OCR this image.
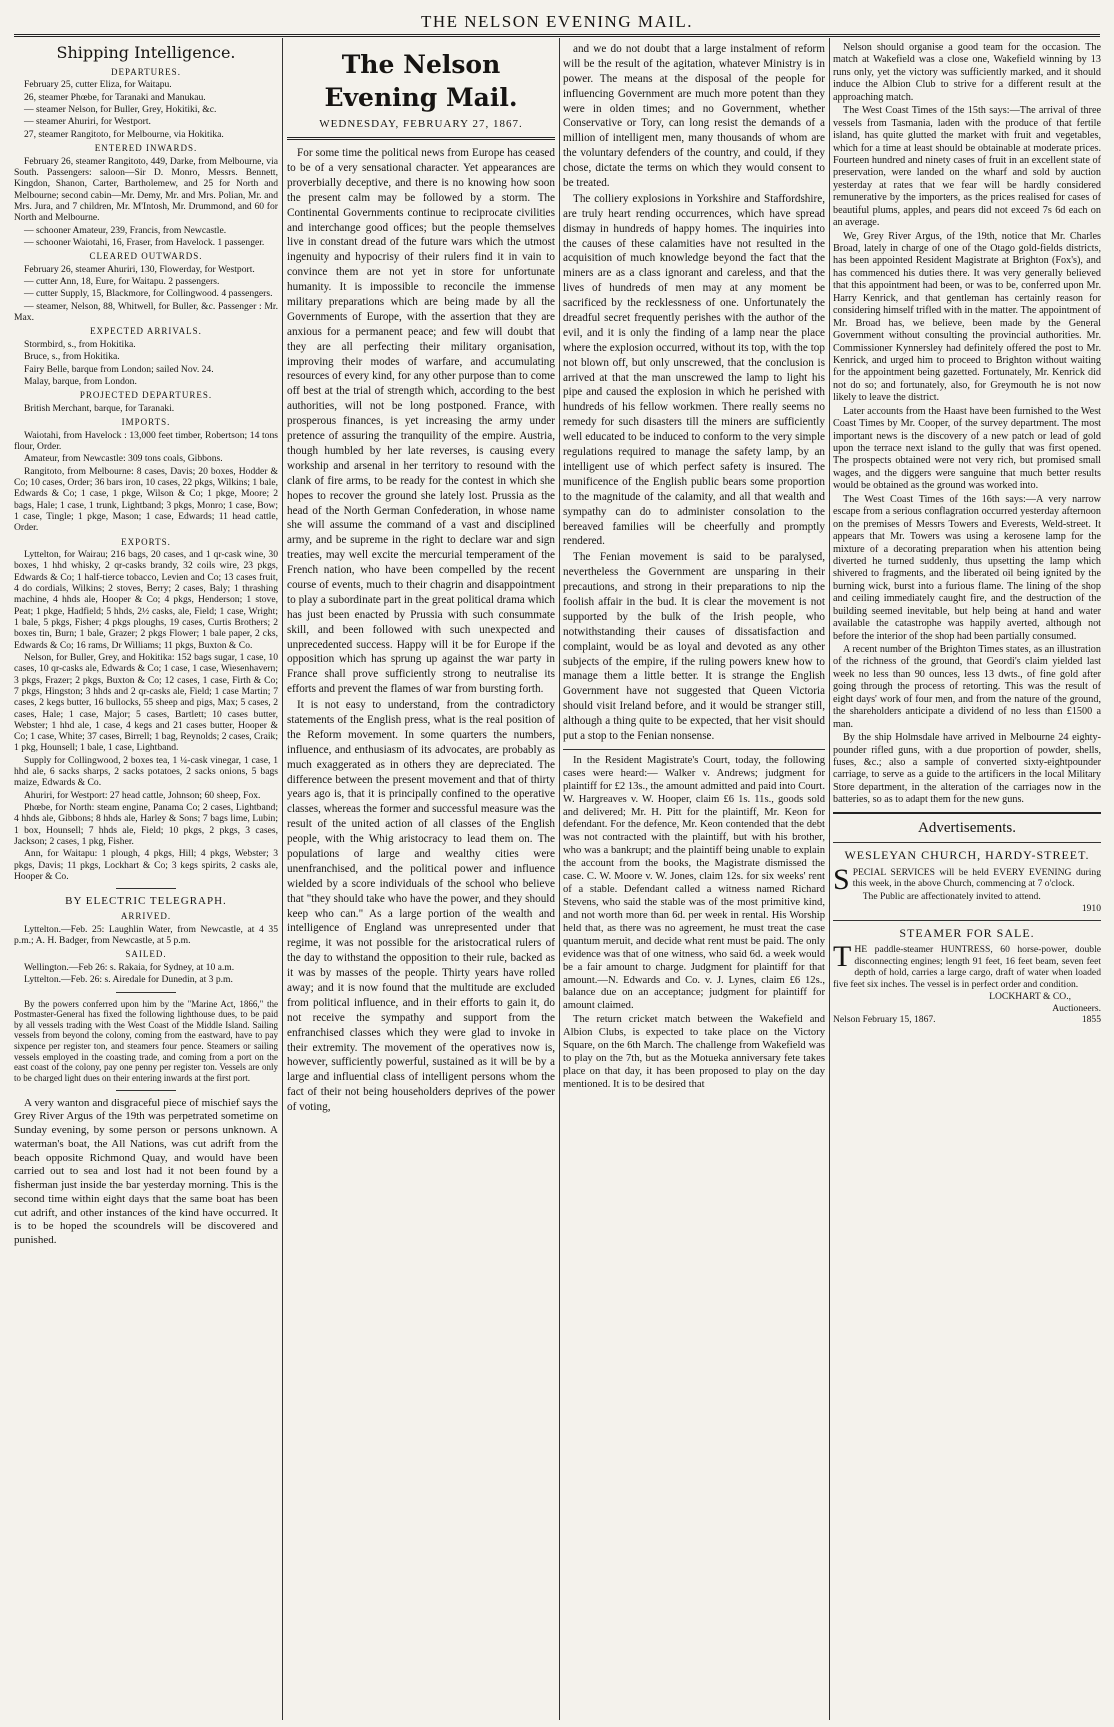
THE NELSON EVENING MAIL.
Shipping Intelligence.
DEPARTURES.

February 25, cutter Eliza, for Waitapu.

26, steamer Phœbe, for Taranaki and Manukau.

— steamer Nelson, for Buller, Grey, Hokitiki, &c.

— steamer Ahuriri, for Westport.

27, steamer Rangitoto, for Melbourne, via Hokitika.

ENTERED INWARDS.

February 26, steamer Rangitoto, 449, Darke, from Melbourne, via South. Passengers: saloon—Sir D. Monro, Messrs. Bennett, Kingdon, Shanon, Carter, Bartholemew, and 25 for North and Melbourne; second cabin—Mr. Demy, Mr. and Mrs. Polian, Mr. and Mrs. Jura, and 7 children, Mr. M'Intosh, Mr. Drummond, and 60 for North and Melbourne.

— schooner Amateur, 239, Francis, from Newcastle.

— schooner Waiotahi, 16, Fraser, from Havelock. 1 passenger.

CLEARED OUTWARDS.

February 26, steamer Ahuriri, 130, Flowerday, for Westport.

— cutter Ann, 18, Eure, for Waitapu. 2 passengers.

— cutter Supply, 15, Blackmore, for Collingwood. 4 passengers.

— steamer, Nelson, 88, Whitwell, for Buller, &c. Passenger : Mr. Max.

EXPECTED ARRIVALS.

Stormbird, s., from Hokitika.

Bruce, s., from Hokitika.

Fairy Belle, barque from London; sailed Nov. 24.

Malay, barque, from London.

PROJECTED DEPARTURES.

British Merchant, barque, for Taranaki.

IMPORTS.

Waiotahi, from Havelock : 13,000 feet timber, Robertson; 14 tons flour, Order.

Amateur, from Newcastle: 309 tons coals, Gibbons.

Rangitoto, from Melbourne: 8 cases, Davis; 20 boxes, Hodder & Co; 10 cases, Order; 36 bars iron, 10 cases, 22 pkgs, Wilkins; 1 bale, Edwards & Co; 1 case, 1 pkge, Wilson & Co; 1 pkge, Moore; 2 bags, Hale; 1 case, 1 trunk, Lightband; 3 pkgs, Monro; 1 case, Bow; 1 case, Tingle; 1 pkge, Mason; 1 case, Edwards; 11 head cattle, Order.

EXPORTS.

Lyttelton, for Wairau; 216 bags, 20 cases, and 1 qr-cask wine, 30 boxes, 1 hhd whisky, 2 qr-casks brandy, 32 coils wire, 23 pkgs, Edwards & Co; 1 half-tierce tobacco, Levien and Co; 13 cases fruit, 4 do cordials, Wilkins; 2 stoves, Berry; 2 cases, Baly; 1 thrashing machine, 4 hhds ale, Hooper & Co; 4 pkgs, Henderson; 1 stove, Peat; 1 pkge, Hadfield; 5 hhds, 2½ casks, ale, Field; 1 case, Wright; 1 bale, 5 pkgs, Fisher; 4 pkgs ploughs, 19 cases, Curtis Brothers; 2 boxes tin, Burn; 1 bale, Grazer; 2 pkgs Flower; 1 bale paper, 2 cks, Edwards & Co; 16 rams, Dr Williams; 11 pkgs, Buxton & Co.

Nelson, for Buller, Grey, and Hokitika: 152 bags sugar, 1 case, 10 cases, 10 qr-casks ale, Edwards & Co; 1 case, 1 case, Wiesenhavern; 3 pkgs, Frazer; 2 pkgs, Buxton & Co; 12 cases, 1 case, Firth & Co; 7 pkgs, Hingston; 3 hhds and 2 qr-casks ale, Field; 1 case Martin; 7 cases, 2 kegs butter, 16 bullocks, 55 sheep and pigs, Max; 5 cases, 2 cases, Hale; 1 case, Major; 5 cases, Bartlett; 10 cases butter, Webster; 1 hhd ale, 1 case, 4 kegs and 21 cases butter, Hooper & Co; 1 case, White; 37 cases, Birrell; 1 bag, Reynolds; 2 cases, Craik; 1 pkg, Hounsell; 1 bale, 1 case, Lightband.

Supply for Collingwood, 2 boxes tea, 1 ¼-cask vinegar, 1 case, 1 hhd ale, 6 sacks sharps, 2 sacks potatoes, 2 sacks onions, 5 bags maize, Edwards & Co.

Ahuriri, for Westport: 27 head cattle, Johnson; 60 sheep, Fox.

Phœbe, for North: steam engine, Panama Co; 2 cases, Lightband; 4 hhds ale, Gibbons; 8 hhds ale, Harley & Sons; 7 bags lime, Lubin; 1 box, Hounsell; 7 hhds ale, Field; 10 pkgs, 2 pkgs, 3 cases, Jackson; 2 cases, 1 pkg, Fisher.

Ann, for Waitapu: 1 plough, 4 pkgs, Hill; 4 pkgs, Webster; 3 pkgs, Davis; 11 pkgs, Lockhart & Co; 3 kegs spirits, 2 casks ale, Hooper & Co.

BY ELECTRIC TELEGRAPH.
ARRIVED.

Lyttelton.—Feb. 25: Laughlin Water, from Newcastle, at 4 35 p.m.; A. H. Badger, from Newcastle, at 5 p.m.

SAILED.

Wellington.—Feb 26: s. Rakaia, for Sydney, at 10 a.m.

Lyttelton.—Feb. 26: s. Airedale for Dunedin, at 3 p.m.

By the powers conferred upon him by the "Marine Act, 1866," the Postmaster-General has fixed the following lighthouse dues, to be paid by all vessels trading with the West Coast of the Middle Island. Sailing vessels from beyond the colony, coming from the eastward, have to pay sixpence per register ton, and steamers four pence. Steamers or sailing vessels employed in the coasting trade, and coming from a port on the east coast of the colony, pay one penny per register ton. Vessels are only to be charged light dues on their entering inwards at the first port.

A very wanton and disgraceful piece of mischief says the Grey River Argus of the 19th was perpetrated sometime on Sunday evening, by some person or persons unknown. A waterman's boat, the All Nations, was cut adrift from the beach opposite Richmond Quay, and would have been carried out to sea and lost had it not been found by a fisherman just inside the bar yesterday morning. This is the second time within eight days that the same boat has been cut adrift, and other instances of the kind have occurred. It is to be hoped the scoundrels will be discovered and punished.

The Nelson Evening Mail.
WEDNESDAY, FEBRUARY 27, 1867.

For some time the political news from Europe has ceased to be of a very sensational character. Yet appearances are proverbially deceptive, and there is no knowing how soon the present calm may be followed by a storm. The Continental Governments continue to reciprocate civilities and interchange good offices; but the people themselves live in constant dread of the future wars which the utmost ingenuity and hypocrisy of their rulers find it in vain to convince them are not yet in store for unfortunate humanity. It is impossible to reconcile the immense military preparations which are being made by all the Governments of Europe, with the assertion that they are anxious for a permanent peace; and few will doubt that they are all perfecting their military organisation, improving their modes of warfare, and accumulating resources of every kind, for any other purpose than to come off best at the trial of strength which, according to the best authorities, will not be long postponed. France, with prosperous finances, is yet increasing the army under pretence of assuring the tranquility of the empire. Austria, though humbled by her late reverses, is causing every workship and arsenal in her territory to resound with the clank of fire arms, to be ready for the contest in which she hopes to recover the ground she lately lost. Prussia as the head of the North German Confederation, in whose name she will assume the command of a vast and disciplined army, and be supreme in the right to declare war and sign treaties, may well excite the mercurial temperament of the French nation, who have been compelled by the recent course of events, much to their chagrin and disappointment to play a subordinate part in the great political drama which has just been enacted by Prussia with such consummate skill, and been followed with such unexpected and unprecedented success. Happy will it be for Europe if the opposition which has sprung up against the war party in France shall prove sufficiently strong to neutralise its efforts and prevent the flames of war from bursting forth.

It is not easy to understand, from the contradictory statements of the English press, what is the real position of the Reform movement. In some quarters the numbers, influence, and enthusiasm of its advocates, are probably as much exaggerated as in others they are depreciated. The difference between the present movement and that of thirty years ago is, that it is principally confined to the operative classes, whereas the former and successful measure was the result of the united action of all classes of the English people, with the Whig aristocracy to lead them on. The populations of large and wealthy cities were unenfranchised, and the political power and influence wielded by a score individuals of the school who believe that "they should take who have the power, and they should keep who can." As a large portion of the wealth and intelligence of England was unrepresented under that regime, it was not possible for the aristocratical rulers of the day to withstand the opposition to their rule, backed as it was by masses of the people. Thirty years have rolled away; and it is now found that the multitude are excluded from political influence, and in their efforts to gain it, do not receive the sympathy and support from the enfranchised classes which they were glad to invoke in their extremity. The movement of the operatives now is, however, sufficiently powerful, sustained as it will be by a large and influential class of intelligent persons whom the fact of their not being householders deprives of the power of voting,

and we do not doubt that a large instalment of reform will be the result of the agitation, whatever Ministry is in power. The means at the disposal of the people for influencing Government are much more potent than they were in olden times; and no Government, whether Conservative or Tory, can long resist the demands of a million of intelligent men, many thousands of whom are the voluntary defenders of the country, and could, if they chose, dictate the terms on which they would consent to be treated.

The colliery explosions in Yorkshire and Staffordshire, are truly heart rending occurrences, which have spread dismay in hundreds of happy homes. The inquiries into the causes of these calamities have not resulted in the acquisition of much knowledge beyond the fact that the miners are as a class ignorant and careless, and that the lives of hundreds of men may at any moment be sacrificed by the recklessness of one. Unfortunately the dreadful secret frequently perishes with the author of the evil, and it is only the finding of a lamp near the place where the explosion occurred, without its top, with the top not blown off, but only unscrewed, that the conclusion is arrived at that the man unscrewed the lamp to light his pipe and caused the explosion in which he perished with hundreds of his fellow workmen. There really seems no remedy for such disasters till the miners are sufficiently well educated to be induced to conform to the very simple regulations required to manage the safety lamp, by an intelligent use of which perfect safety is insured. The munificence of the English public bears some proportion to the magnitude of the calamity, and all that wealth and sympathy can do to administer consolation to the bereaved families will be cheerfully and promptly rendered.

The Fenian movement is said to be paralysed, nevertheless the Government are unsparing in their precautions, and strong in their preparations to nip the foolish affair in the bud. It is clear the movement is not supported by the bulk of the Irish people, who notwithstanding their causes of dissatisfaction and complaint, would be as loyal and devoted as any other subjects of the empire, if the ruling powers knew how to manage them a little better. It is strange the English Government have not suggested that Queen Victoria should visit Ireland before, and it would be stranger still, although a thing quite to be expected, that her visit should put a stop to the Fenian nonsense.

In the Resident Magistrate's Court, today, the following cases were heard:— Walker v. Andrews; judgment for plaintiff for £2 13s., the amount admitted and paid into Court. W. Hargreaves v. W. Hooper, claim £6 1s. 11s., goods sold and delivered; Mr. H. Pitt for the plaintiff, Mr. Keon for defendant. For the defence, Mr. Keon contended that the debt was not contracted with the plaintiff, but with his brother, who was a bankrupt; and the plaintiff being unable to explain the account from the books, the Magistrate dismissed the case. C. W. Moore v. W. Jones, claim 12s. for six weeks' rent of a stable. Defendant called a witness named Richard Stevens, who said the stable was of the most primitive kind, and not worth more than 6d. per week in rental. His Worship held that, as there was no agreement, he must treat the case quantum meruit, and decide what rent must be paid. The only evidence was that of one witness, who said 6d. a week would be a fair amount to charge. Judgment for plaintiff for that amount.—N. Edwards and Co. v. J. Lynes, claim £6 12s., balance due on an acceptance; judgment for plaintiff for amount claimed.

The return cricket match between the Wakefield and Albion Clubs, is expected to take place on the Victory Square, on the 6th March. The challenge from Wakefield was to play on the 7th, but as the Motueka anniversary fete takes place on that day, it has been proposed to play on the day mentioned. It is to be desired that

Nelson should organise a good team for the occasion. The match at Wakefield was a close one, Wakefield winning by 13 runs only, yet the victory was sufficiently marked, and it should induce the Albion Club to strive for a different result at the approaching match.

The West Coast Times of the 15th says:—The arrival of three vessels from Tasmania, laden with the produce of that fertile island, has quite glutted the market with fruit and vegetables, which for a time at least should be obtainable at moderate prices. Fourteen hundred and ninety cases of fruit in an excellent state of preservation, were landed on the wharf and sold by auction yesterday at rates that we fear will be hardly considered remunerative by the importers, as the prices realised for cases of beautiful plums, apples, and pears did not exceed 7s 6d each on an average.

We, Grey River Argus, of the 19th, notice that Mr. Charles Broad, lately in charge of one of the Otago gold-fields districts, has been appointed Resident Magistrate at Brighton (Fox's), and has commenced his duties there. It was very generally believed that this appointment had been, or was to be, conferred upon Mr. Harry Kenrick, and that gentleman has certainly reason for considering himself trifled with in the matter. The appointment of Mr. Broad has, we believe, been made by the General Government without consulting the provincial authorities. Mr. Commissioner Kynnersley had definitely offered the post to Mr. Kenrick, and urged him to proceed to Brighton without waiting for the appointment being gazetted. Fortunately, Mr. Kenrick did not do so; and fortunately, also, for Greymouth he is not now likely to leave the district.

Later accounts from the Haast have been furnished to the West Coast Times by Mr. Cooper, of the survey department. The most important news is the discovery of a new patch or lead of gold upon the terrace next island to the gully that was first opened. The prospects obtained were not very rich, but promised small wages, and the diggers were sanguine that much better results would be obtained as the ground was worked into.

The West Coast Times of the 16th says:—A very narrow escape from a serious conflagration occurred yesterday afternoon on the premises of Messrs Towers and Everests, Weld-street. It appears that Mr. Towers was using a kerosene lamp for the mixture of a decorating preparation when his attention being diverted he turned suddenly, thus upsetting the lamp which shivered to fragments, and the liberated oil being ignited by the burning wick, burst into a furious flame. The lining of the shop and ceiling immediately caught fire, and the destruction of the building seemed inevitable, but help being at hand and water available the catastrophe was happily averted, although not before the interior of the shop had been partially consumed.

A recent number of the Brighton Times states, as an illustration of the richness of the ground, that Geordi's claim yielded last week no less than 90 ounces, less 13 dwts., of fine gold after going through the process of retorting. This was the result of eight days' work of four men, and from the nature of the ground, the shareholders anticipate a dividend of no less than £1500 a man.

By the ship Holmsdale have arrived in Melbourne 24 eighty-pounder rifled guns, with a due proportion of powder, shells, fuses, &c.; also a sample of converted sixty-eightpounder carriage, to serve as a guide to the artificers in the local Military Store department, in the alteration of the carriages now in the batteries, so as to adapt them for the new guns.

Advertisements.
WESLEYAN CHURCH, HARDY-STREET.

SPECIAL SERVICES will be held EVERY EVENING during this week, in the above Church, commencing at 7 o'clock.

The Public are affectionately invited to attend.

1910
STEAMER FOR SALE.

THE paddle-steamer HUNTRESS, 60 horse-power, double disconnecting engines; length 91 feet, 16 feet beam, seven feet depth of hold, carries a large cargo, draft of water when loaded five feet six inches. The vessel is in perfect order and condition.

LOCKHART & CO.,
Auctioneers.
Nelson February 15, 1867.	1855
